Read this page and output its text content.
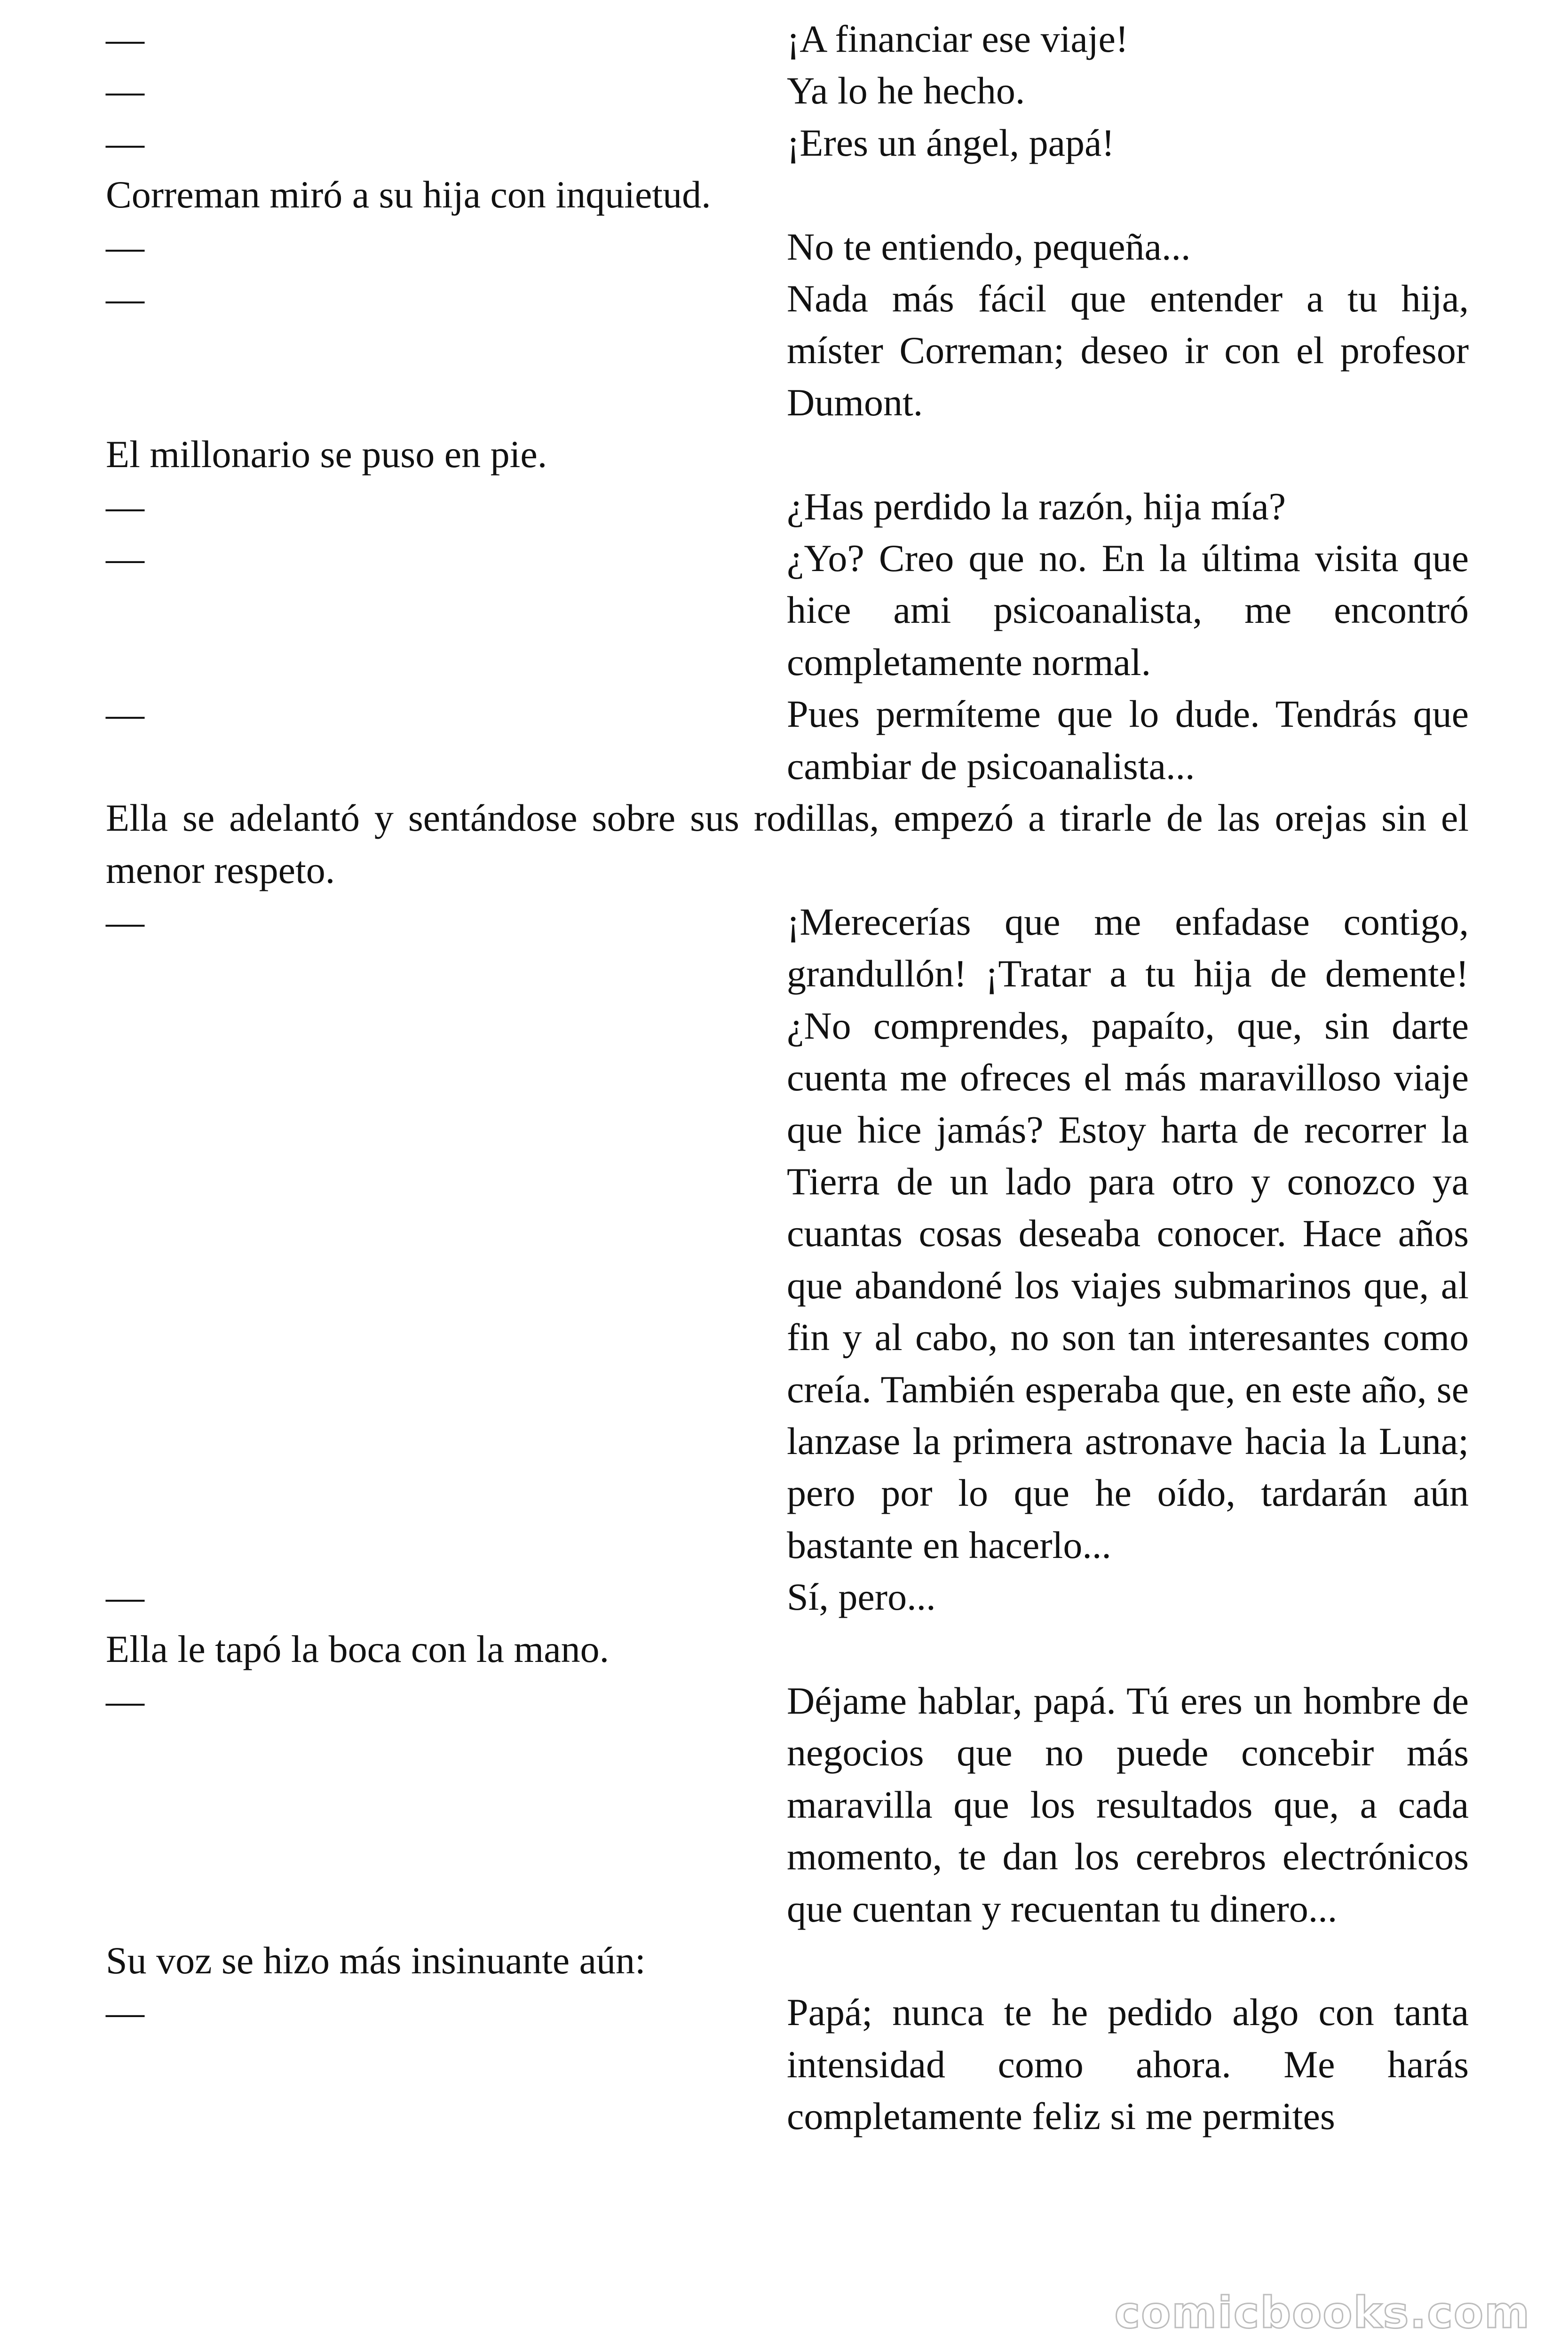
—	¡A financiar ese viaje!
—	Ya lo he hecho.
—	¡Eres un ángel, papá!
Correman miró a su hija con inquietud.
—	No te entiendo, pequeña...
—	Nada más fácil que entender a tu hija, míster Correman; deseo ir con el profesor Dumont.
El millonario se puso en pie.
—	¿Has perdido la razón, hija mía?
—	¿Yo? Creo que no. En la última visita que hice ami psicoanalista, me encontró completamente normal.
—	Pues permíteme que lo dude. Tendrás que cambiar de psicoanalista...
Ella se adelantó y sentándose sobre sus rodillas, empezó a tirarle de las orejas sin el menor respeto.
—	¡Merecerías que me enfadase contigo, grandullón! ¡Tratar a tu hija de demente! ¿No comprendes, papaíto, que, sin darte cuenta me ofreces el más maravilloso viaje que hice jamás? Estoy harta de recorrer la Tierra de un lado para otro y conozco ya cuantas cosas deseaba conocer. Hace años que abandoné los viajes submarinos que, al fin y al cabo, no son tan interesantes como creía. También esperaba que, en este año, se lanzase la primera astronave hacia la Luna; pero por lo que he oído, tardarán aún bastante en hacerlo...
—	Sí, pero...
Ella le tapó la boca con la mano.
—	Déjame hablar, papá. Tú eres un hombre de negocios que no puede concebir más maravilla que los resultados que, a cada momento, te dan los cerebros electrónicos que cuentan y recuentan tu dinero...
Su voz se hizo más insinuante aún:
—	Papá; nunca te he pedido algo con tanta intensidad como ahora. Me harás completamente feliz si me permites
comicbooks.com
